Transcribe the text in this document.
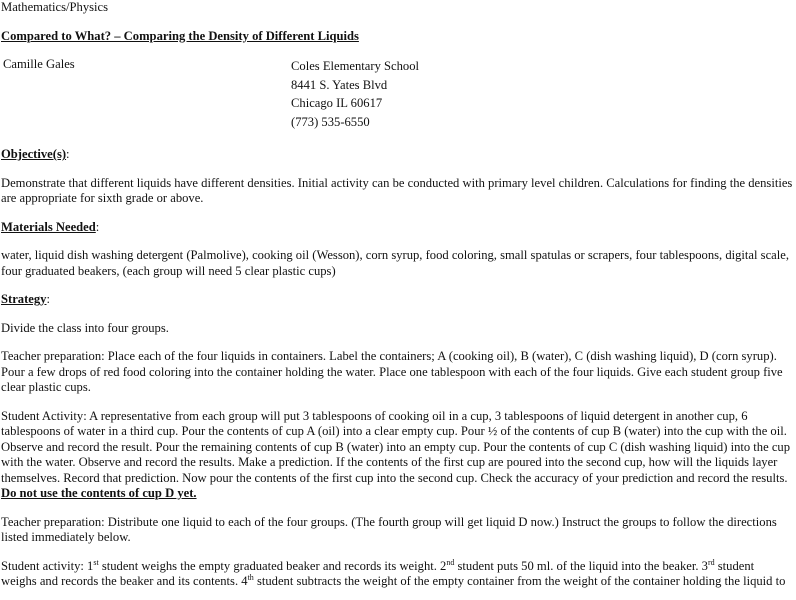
Mathematics/Physics
Compared to What? – Comparing the Density of Different Liquids
Camille Gales	Coles Elementary School
8441 S. Yates Blvd
Chicago IL 60617
(773) 535-6550
Objective(s):
Demonstrate that different liquids have different densities. Initial activity can be conducted with primary level children. Calculations for finding the densities
are appropriate for sixth grade or above.
Materials Needed:
water, liquid dish washing detergent (Palmolive), cooking oil (Wesson), corn syrup, food coloring, small spatulas or scrapers, four tablespoons, digital scale,
four graduated beakers, (each group will need 5 clear plastic cups)
Strategy:
Divide the class into four groups.
Teacher preparation: Place each of the four liquids in containers. Label the containers; A (cooking oil), B (water), C (dish washing liquid), D (corn syrup).
Pour a few drops of red food coloring into the container holding the water. Place one tablespoon with each of the four liquids. Give each student group five
clear plastic cups.
Student Activity: A representative from each group will put 3 tablespoons of cooking oil in a cup, 3 tablespoons of liquid detergent in another cup, 6
tablespoons of water in a third cup. Pour the contents of cup A (oil) into a clear empty cup. Pour ½ of the contents of cup B (water) into the cup with the oil.
Observe and record the result. Pour the remaining contents of cup B (water) into an empty cup. Pour the contents of cup C (dish washing liquid) into the cup
with the water. Observe and record the results. Make a prediction. If the contents of the first cup are poured into the second cup, how will the liquids layer
themselves. Record that prediction. Now pour the contents of the first cup into the second cup. Check the accuracy of your prediction and record the results.
Do not use the contents of cup D yet.
Teacher preparation: Distribute one liquid to each of the four groups. (The fourth group will get liquid D now.) Instruct the groups to follow the directions
listed immediately below.
Student activity: 1st student weighs the empty graduated beaker and records its weight. 2nd student puts 50 ml. of the liquid into the beaker. 3rd student
weighs and records the beaker and its contents. 4th student subtracts the weight of the empty container from the weight of the container holding the liquid to
